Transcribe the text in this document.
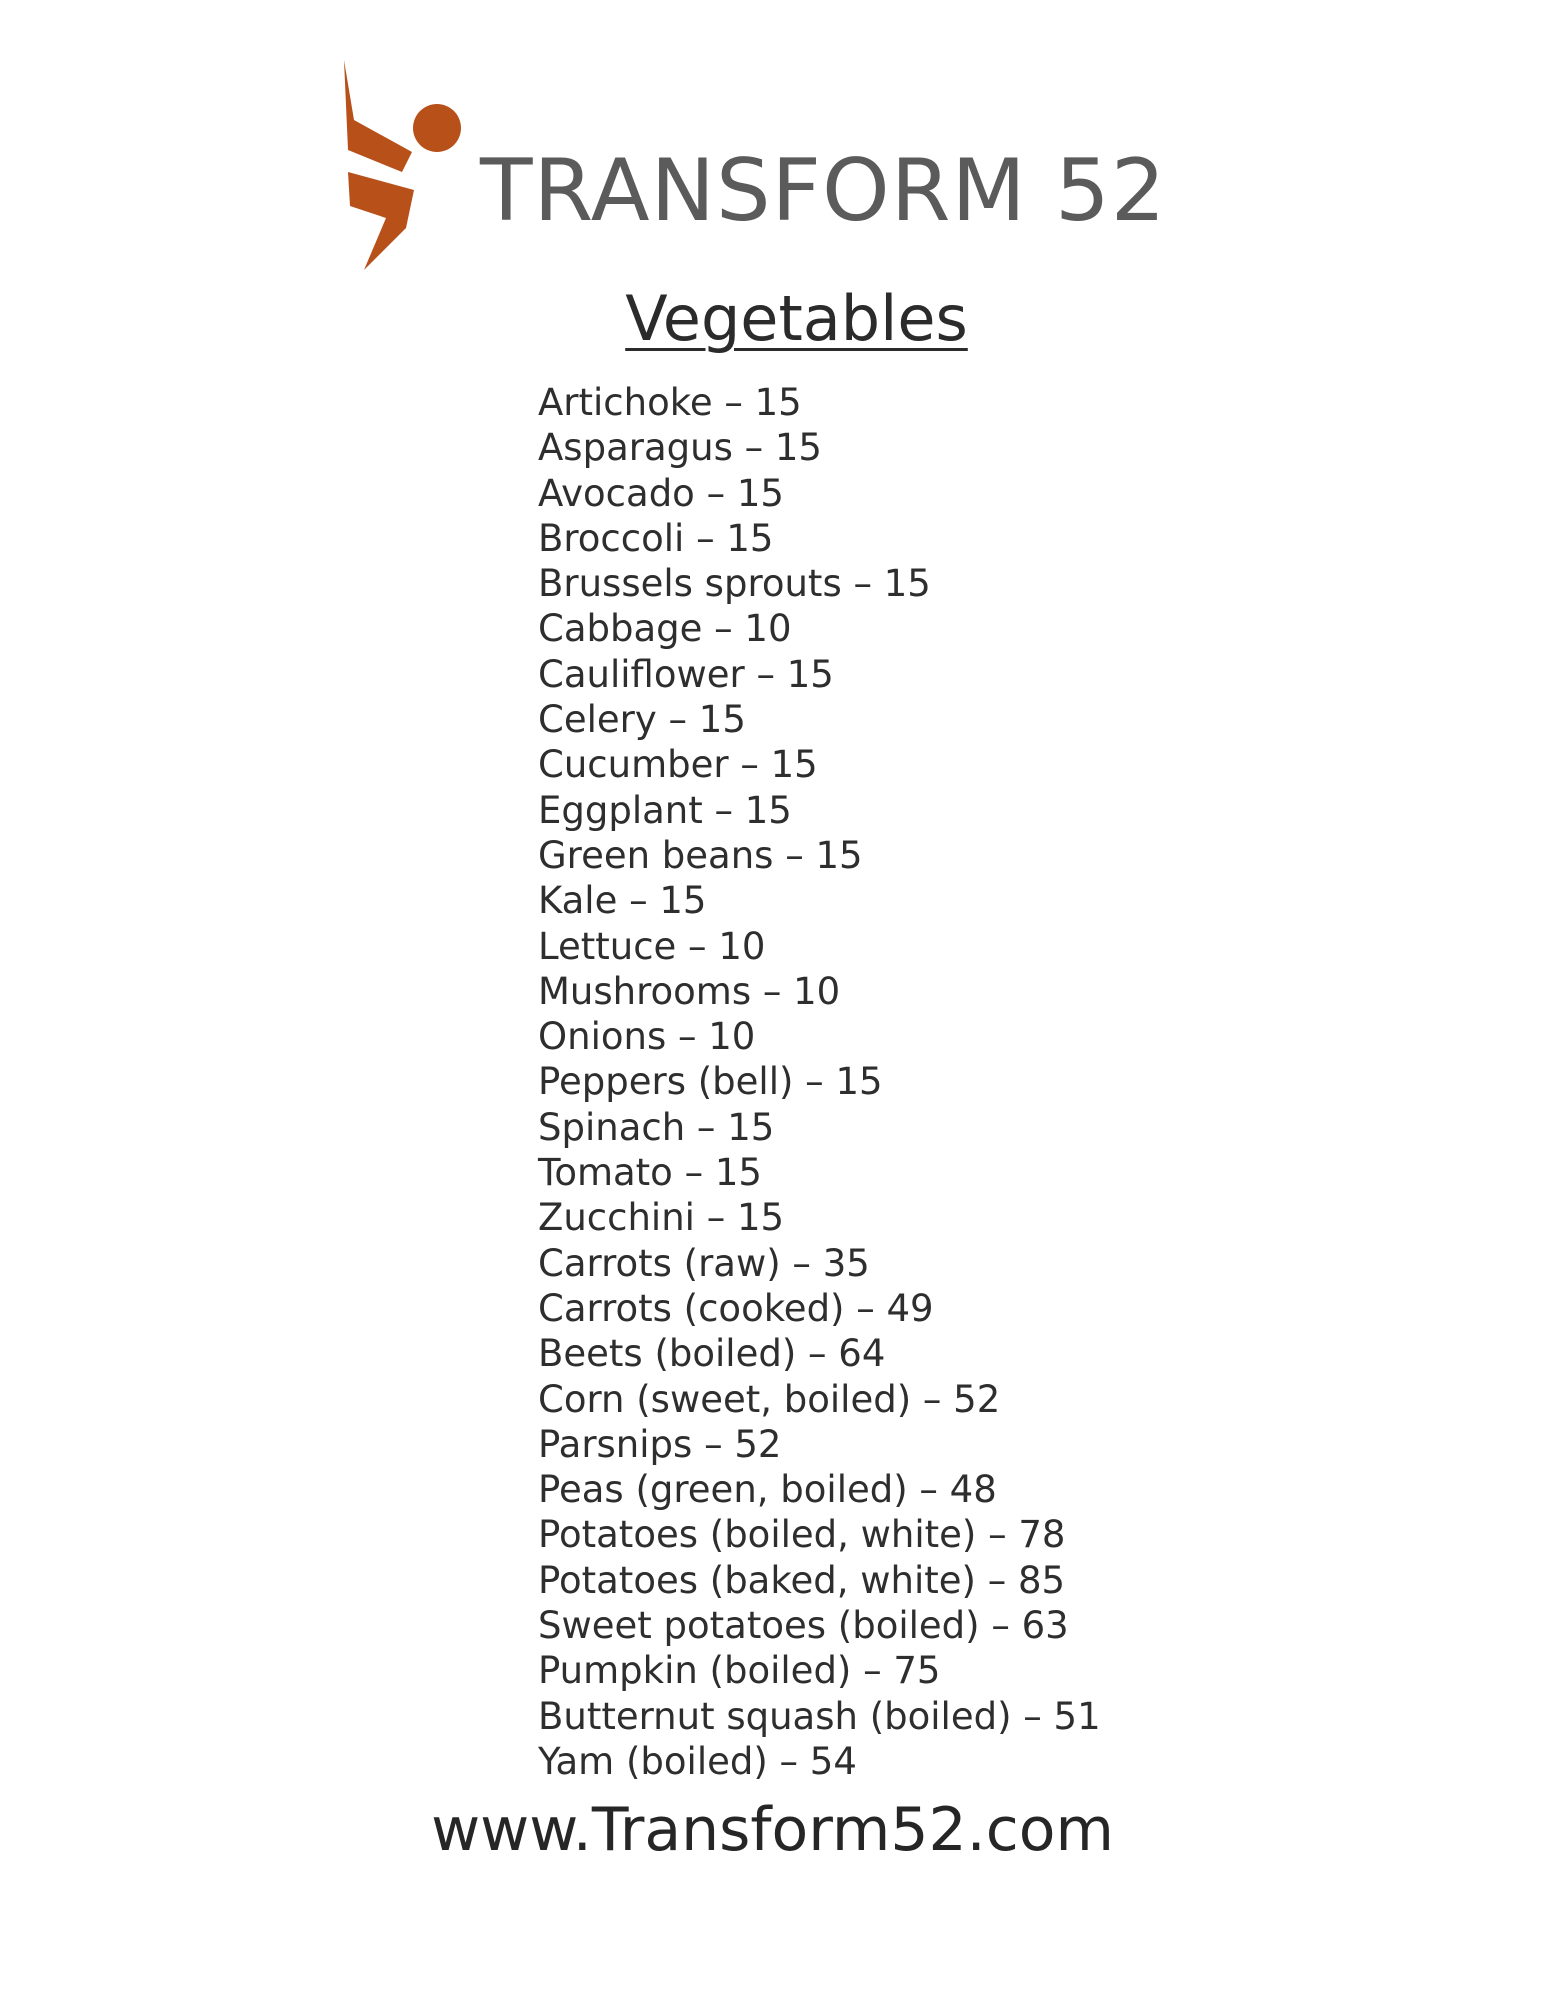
TRANSFORM 52
Vegetables
Artichoke – 15
Asparagus – 15
Avocado – 15
Broccoli – 15
Brussels sprouts – 15
Cabbage – 10
Cauliflower – 15
Celery – 15
Cucumber – 15
Eggplant – 15
Green beans – 15
Kale – 15
Lettuce – 10
Mushrooms – 10
Onions – 10
Peppers (bell) – 15
Spinach – 15
Tomato – 15
Zucchini – 15
Carrots (raw) – 35
Carrots (cooked) – 49
Beets (boiled) – 64
Corn (sweet, boiled) – 52
Parsnips – 52
Peas (green, boiled) – 48
Potatoes (boiled, white) – 78
Potatoes (baked, white) – 85
Sweet potatoes (boiled) – 63
Pumpkin (boiled) – 75
Butternut squash (boiled) – 51
Yam (boiled) – 54
www.Transform52.com
